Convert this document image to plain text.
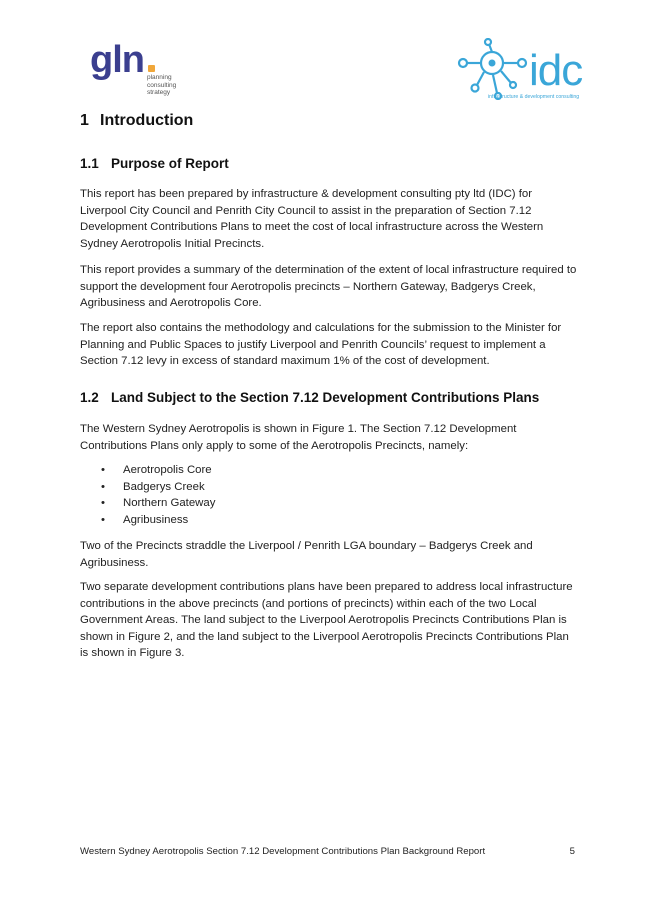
gln planning
consulting
strategy	idc
infrastructure & development consulting
1 Introduction
1.1 Purpose of Report

This report has been prepared by infrastructure & development consulting pty ltd (IDC) for Liverpool City Council and Penrith City Council to assist in the preparation of Section 7.12 Development Contributions Plans to meet the cost of local infrastructure across the Western Sydney Aerotropolis Initial Precincts.

This report provides a summary of the determination of the extent of local infrastructure required to support the development four Aerotropolis precincts – Northern Gateway, Badgerys Creek, Agribusiness and Aerotropolis Core.

The report also contains the methodology and calculations for the submission to the Minister for Planning and Public Spaces to justify Liverpool and Penrith Councils’ request to implement a Section 7.12 levy in excess of standard maximum 1% of the cost of development.

1.2 Land Subject to the Section 7.12 Development Contributions Plans

The Western Sydney Aerotropolis is shown in Figure 1. The Section 7.12 Development Contributions Plans only apply to some of the Aerotropolis Precincts, namely:

• Aerotropolis Core
• Badgerys Creek
• Northern Gateway
• Agribusiness

Two of the Precincts straddle the Liverpool / Penrith LGA boundary – Badgerys Creek and Agribusiness.

Two separate development contributions plans have been prepared to address local infrastructure contributions in the above precincts (and portions of precincts) within each of the two Local Government Areas. The land subject to the Liverpool Aerotropolis Precincts Contributions Plan is shown in Figure 2, and the land subject to the Liverpool Aerotropolis Precincts Contributions Plan is shown in Figure 3.

Western Sydney Aerotropolis Section 7.12 Development Contributions Plan Background Report	5
